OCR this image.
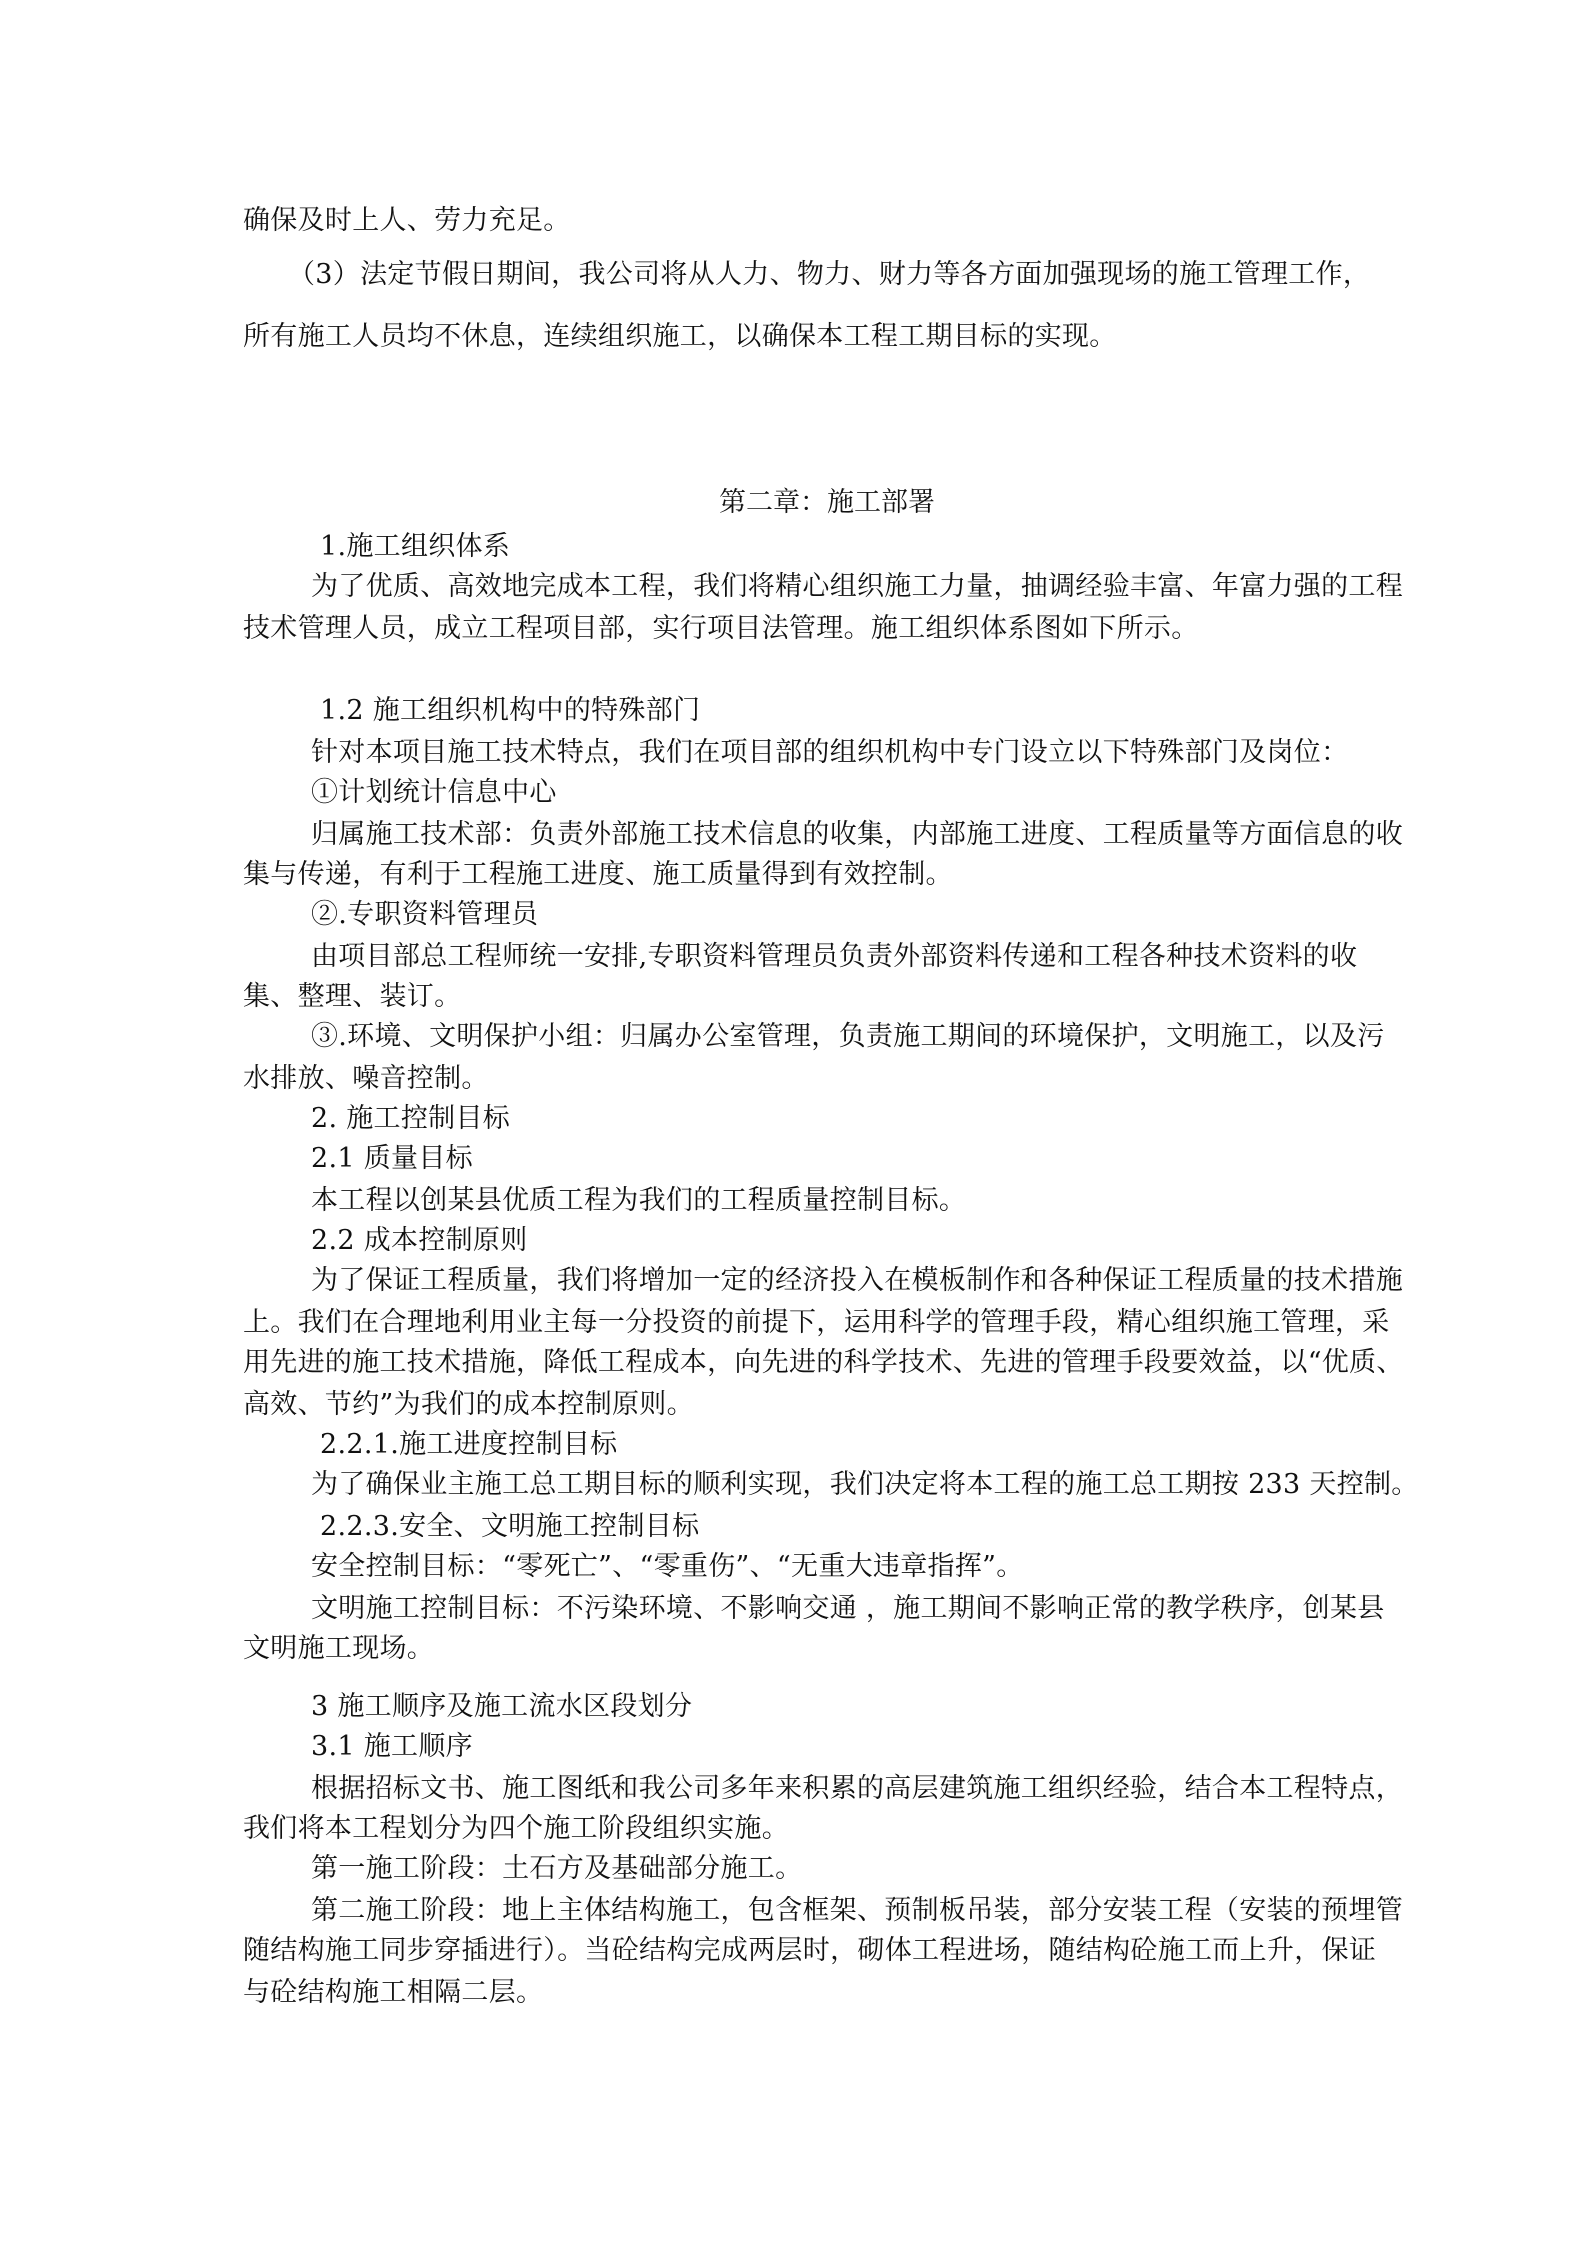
确保及时上人、劳力充足。
（3）法定节假日期间，我公司将从人力、物力、财力等各方面加强现场的施工管理工作，
所有施工人员均不休息，连续组织施工，以确保本工程工期目标的实现。
第二章：施工部署
1.施工组织体系
为了优质、高效地完成本工程，我们将精心组织施工力量，抽调经验丰富、年富力强的工程
技术管理人员，成立工程项目部，实行项目法管理。施工组织体系图如下所示。
1.2 施工组织机构中的特殊部门
针对本项目施工技术特点，我们在项目部的组织机构中专门设立以下特殊部门及岗位：
①计划统计信息中心
归属施工技术部：负责外部施工技术信息的收集，内部施工进度、工程质量等方面信息的收
集与传递，有利于工程施工进度、施工质量得到有效控制。
②.专职资料管理员
由项目部总工程师统一安排,专职资料管理员负责外部资料传递和工程各种技术资料的收
集、整理、装订。
③.环境、文明保护小组：归属办公室管理，负责施工期间的环境保护，文明施工，以及污
水排放、噪音控制。
2. 施工控制目标
2.1 质量目标
本工程以创某县优质工程为我们的工程质量控制目标。
2.2 成本控制原则
为了保证工程质量，我们将增加一定的经济投入在模板制作和各种保证工程质量的技术措施
上。我们在合理地利用业主每一分投资的前提下，运用科学的管理手段，精心组织施工管理，采
用先进的施工技术措施，降低工程成本，向先进的科学技术、先进的管理手段要效益，以“优质、
高效、节约”为我们的成本控制原则。
2.2.1.施工进度控制目标
为了确保业主施工总工期目标的顺利实现，我们决定将本工程的施工总工期按 233 天控制。
2.2.3.安全、文明施工控制目标
安全控制目标：“零死亡”、“零重伤”、“无重大违章指挥”。
文明施工控制目标：不污染环境、不影响交通 ，施工期间不影响正常的教学秩序，创某县
文明施工现场。
3 施工顺序及施工流水区段划分
3.1 施工顺序
根据招标文书、施工图纸和我公司多年来积累的高层建筑施工组织经验，结合本工程特点，
我们将本工程划分为四个施工阶段组织实施。
第一施工阶段：土石方及基础部分施工。
第二施工阶段：地上主体结构施工，包含框架、预制板吊装，部分安装工程（安装的预埋管
随结构施工同步穿插进行）。当砼结构完成两层时，砌体工程进场，随结构砼施工而上升，保证
与砼结构施工相隔二层。
